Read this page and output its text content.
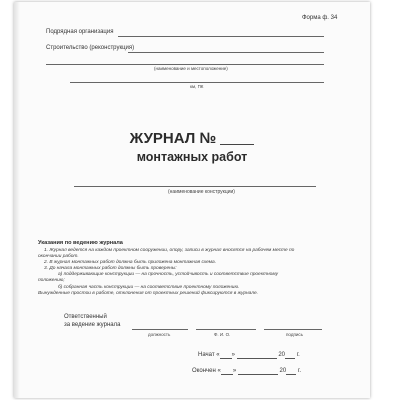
Форма ф. 34
Подрядная организация
Строительство (реконструкция)
(наименование и местоположение)
км, ПК
ЖУРНАЛ №
монтажных работ
(наименование конструкции)
Указания по ведению журнала
1. Журнал ведется на каждом проектном сооружении, опору, записи в журнал вносятся на рабочем месте по
окончании работ.
2. В журнал монтажных работ должна быть приложена монтажная схема.
3. До начала монтажных работ должны быть проверены:
а) поддерживающие конструкции — на прочность, устойчивость и соответствие проектному
положению;
б) собранная часть конструкции — на соответствие проектному положению.
Вынужденные простои в работе, отклонения от проектных решений фиксируются в журнале.
Ответственный
за ведение журнала
должность	Ф. И. О.	подпись
Начат « »	20 г.
Окончен « »	20 г.
